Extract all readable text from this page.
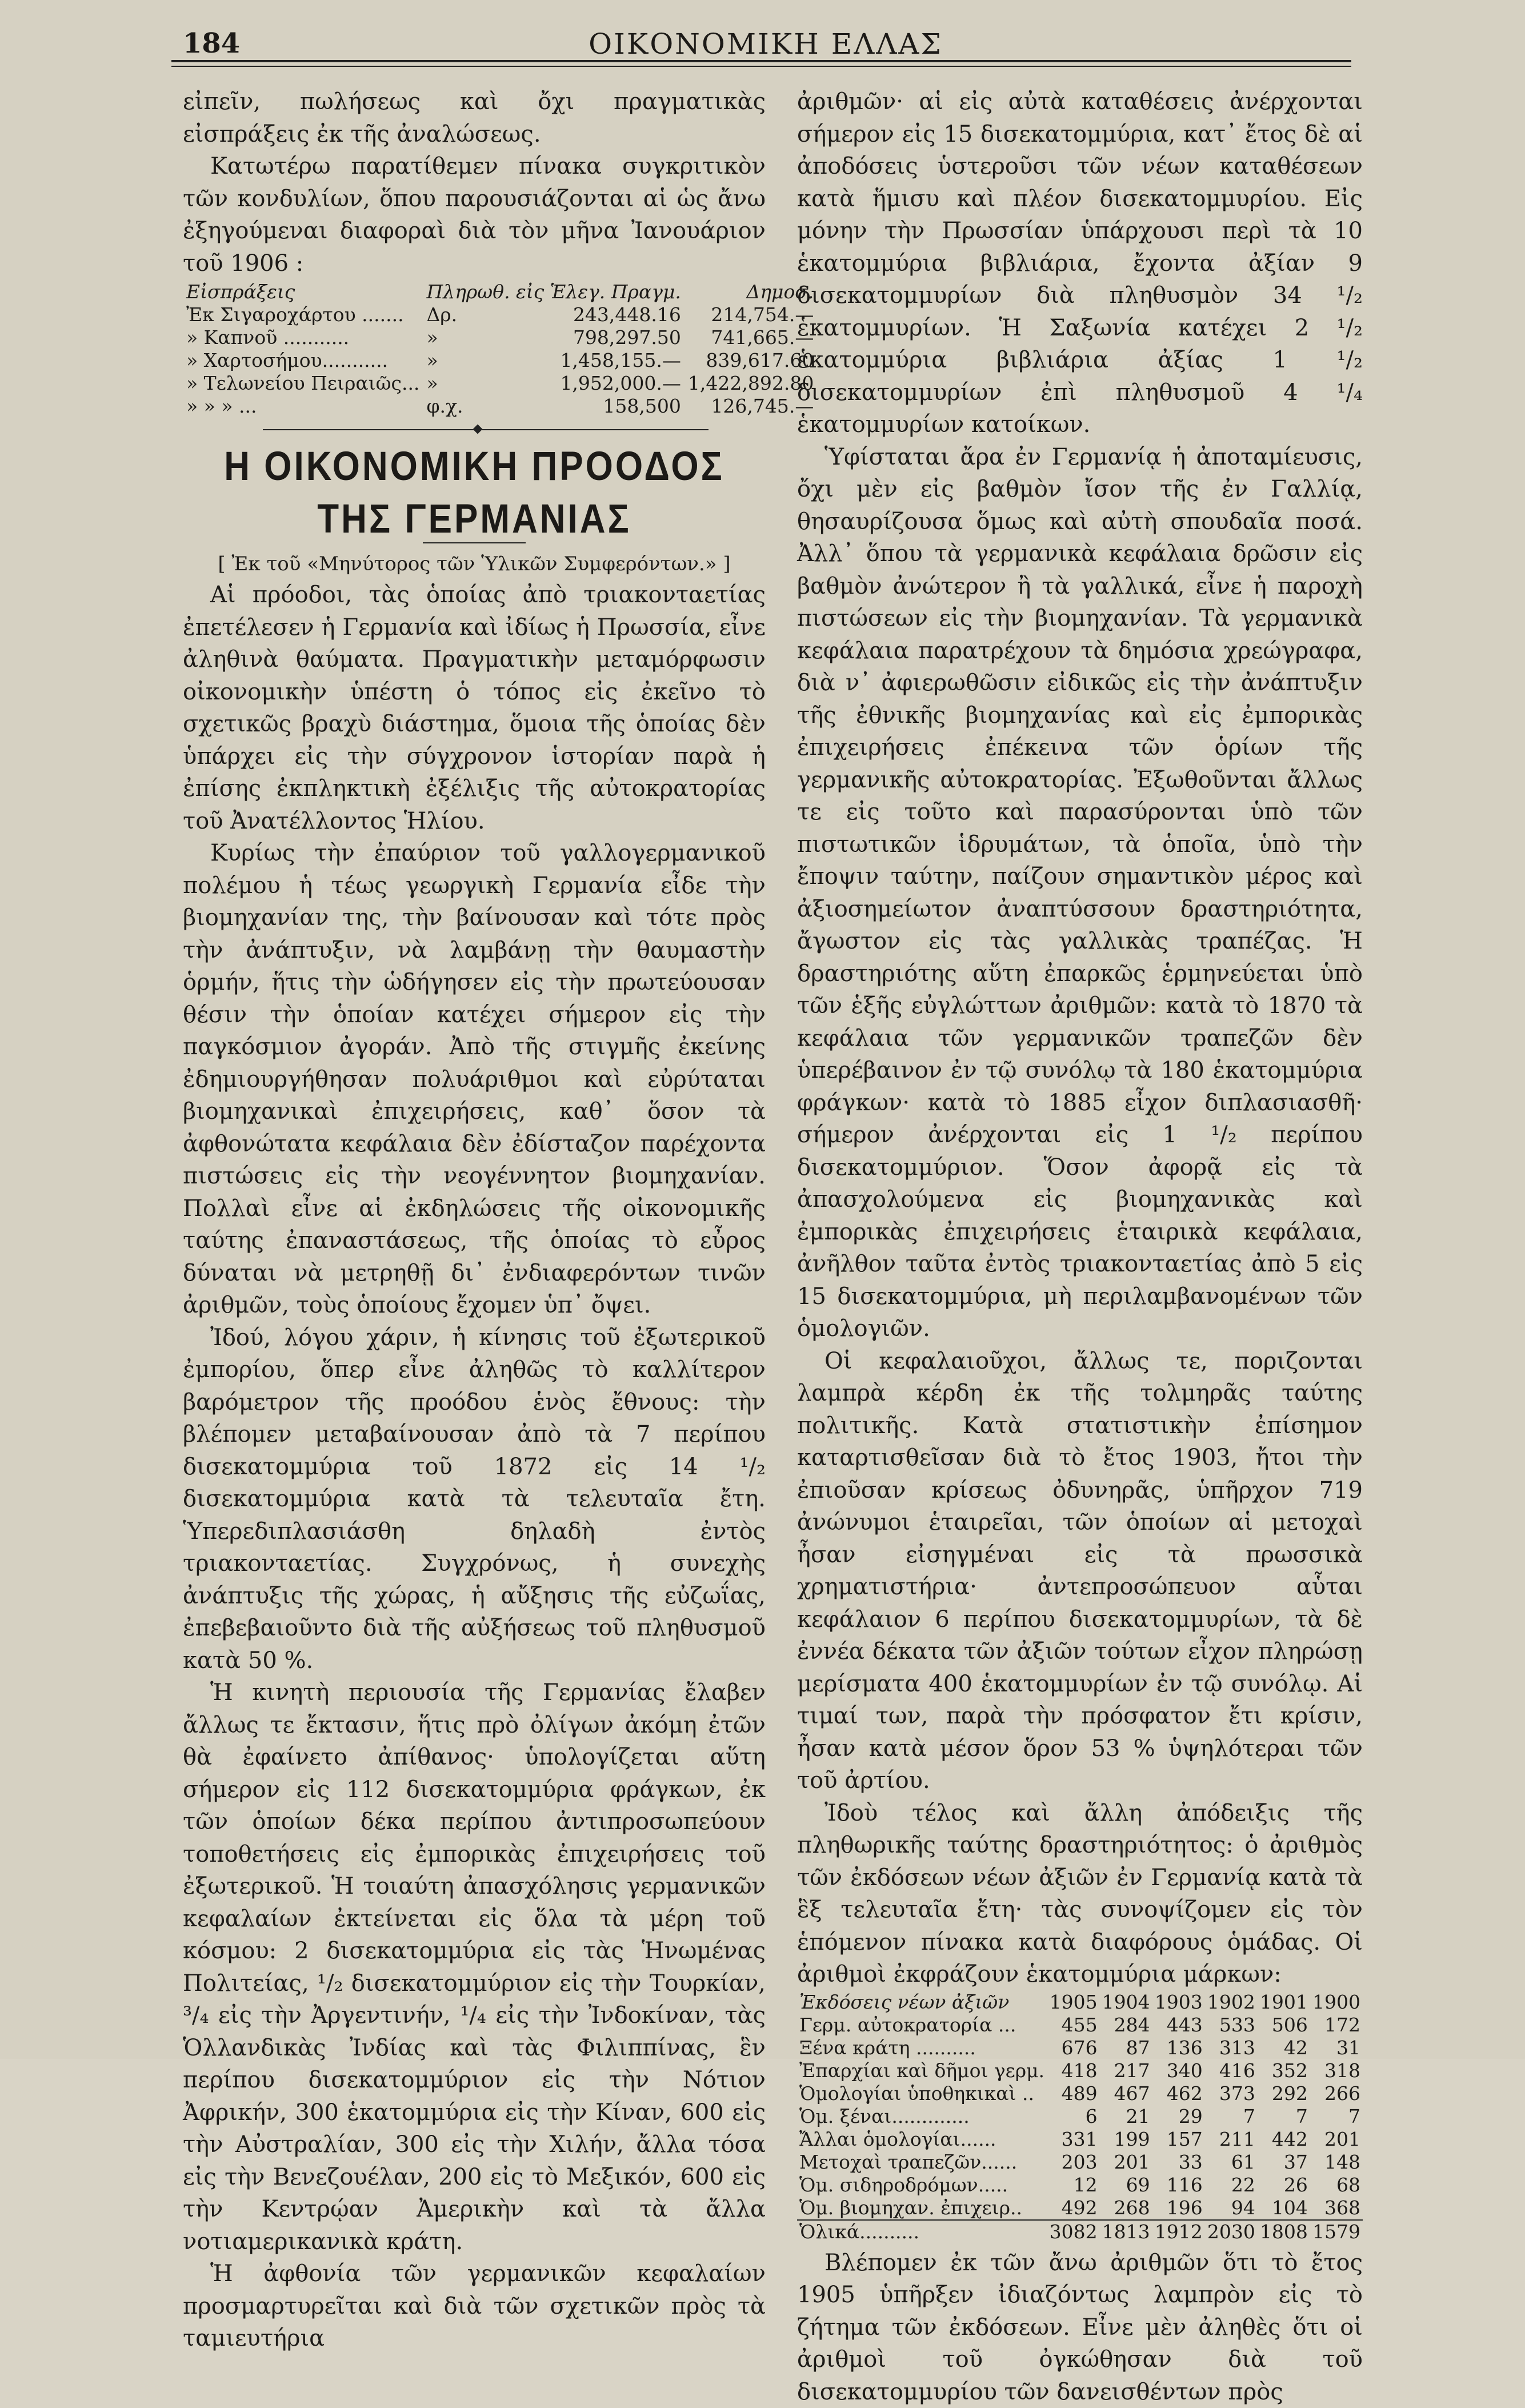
184	ΟΙΚΟΝΟΜΙΚΗ ΕΛΛΑΣ

εἰπεῖν, πωλήσεως καὶ ὄχι πραγματικὰς εἰσπράξεις ἐκ τῆς ἀναλώσεως.

Κατωτέρω παρατίθεμεν πίνακα συγκριτικὸν τῶν κονδυλίων, ὅπου παρουσιάζονται αἱ ὡς ἄνω ἐξηγούμεναι διαφοραὶ διὰ τὸν μῆνα Ἰανουάριον τοῦ 1906 :

Εἰσπράξεις	Πληρωθ. εἰς Ἑλεγ. Πραγμ.		Δημοσ.
Ἐκ Σιγαροχάρτου .......	Δρ.	243,448.16	214,754.—
» Καπνοῦ ...........	»	798,297.50	741,665.—
» Χαρτοσήμου...........	»	1,458,155.—	839,617.60
» Τελωνείου Πειραιῶς...	»	1,952,000.—	1,422,892.80
» » » ...	φ.χ.	158,500	126,745.—
Η ΟΙΚΟΝΟΜΙΚΗ ΠΡΟΟΔΟΣ ΤΗΣ ΓΕΡΜΑΝΙΑΣ
[ Ἐκ τοῦ «Μηνύτορος τῶν Ὑλικῶν Συμφερόντων.» ]

Αἱ πρόοδοι, τὰς ὁποίας ἀπὸ τριακονταετίας ἐπετέλεσεν ἡ Γερμανία καὶ ἰδίως ἡ Πρωσσία, εἶνε ἀληθινὰ θαύματα. Πραγματικὴν μεταμόρφωσιν οἰκονομικὴν ὑπέστη ὁ τόπος εἰς ἐκεῖνο τὸ σχετικῶς βραχὺ διάστημα, ὅμοια τῆς ὁποίας δὲν ὑπάρχει εἰς τὴν σύγχρονον ἱστορίαν παρὰ ἡ ἐπίσης ἐκπληκτικὴ ἐξέλιξις τῆς αὐτοκρατορίας τοῦ Ἀνατέλλοντος Ἡλίου.

Κυρίως τὴν ἐπαύριον τοῦ γαλλογερμανικοῦ πολέμου ἡ τέως γεωργικὴ Γερμανία εἶδε τὴν βιομηχανίαν της, τὴν βαίνουσαν καὶ τότε πρὸς τὴν ἀνάπτυξιν, νὰ λαμβάνῃ τὴν θαυμαστὴν ὁρμήν, ἥτις τὴν ὡδήγησεν εἰς τὴν πρωτεύουσαν θέσιν τὴν ὁποίαν κατέχει σήμερον εἰς τὴν παγκόσμιον ἀγοράν. Ἀπὸ τῆς στιγμῆς ἐκείνης ἐδημιουργήθησαν πολυάριθμοι καὶ εὐρύταται βιομηχανικαὶ ἐπιχειρήσεις, καθ᾽ ὅσον τὰ ἀφθονώτατα κεφάλαια δὲν ἐδίσταζον παρέχοντα πιστώσεις εἰς τὴν νεογέννητον βιομηχανίαν. Πολλαὶ εἶνε αἱ ἐκδηλώσεις τῆς οἰκονομικῆς ταύτης ἐπαναστάσεως, τῆς ὁποίας τὸ εὖρος δύναται νὰ μετρηθῇ δι᾽ ἐνδιαφερόντων τινῶν ἀριθμῶν, τοὺς ὁποίους ἔχομεν ὑπ᾽ ὄψει.

Ἰδού, λόγου χάριν, ἡ κίνησις τοῦ ἐξωτερικοῦ ἐμπορίου, ὅπερ εἶνε ἀληθῶς τὸ καλλίτερον βαρόμετρον τῆς προόδου ἑνὸς ἔθνους: τὴν βλέπομεν μεταβαίνουσαν ἀπὸ τὰ 7 περίπου δισεκατομμύρια τοῦ 1872 εἰς 14 ¹/₂ δισεκατομμύρια κατὰ τὰ τελευταῖα ἔτη. Ὑπερεδιπλασιάσθη δηλαδὴ ἐντὸς τριακονταετίας. Συγχρόνως, ἡ συνεχὴς ἀνάπτυξις τῆς χώρας, ἡ αὔξησις τῆς εὐζωΐας, ἐπεβεβαιοῦντο διὰ τῆς αὐξήσεως τοῦ πληθυσμοῦ κατὰ 50 %.

Ἡ κινητὴ περιουσία τῆς Γερμανίας ἔλαβεν ἄλλως τε ἔκτασιν, ἥτις πρὸ ὀλίγων ἀκόμη ἐτῶν θὰ ἐφαίνετο ἀπίθανος· ὑπολογίζεται αὕτη σήμερον εἰς 112 δισεκατομμύρια φράγκων, ἐκ τῶν ὁποίων δέκα περίπου ἀντιπροσωπεύουν τοποθετήσεις εἰς ἐμπορικὰς ἐπιχειρήσεις τοῦ ἐξωτερικοῦ. Ἡ τοιαύτη ἀπασχόλησις γερμανικῶν κεφαλαίων ἐκτείνεται εἰς ὅλα τὰ μέρη τοῦ κόσμου: 2 δισεκατομμύρια εἰς τὰς Ἡνωμένας Πολιτείας, ¹/₂ δισεκατομμύριον εἰς τὴν Τουρκίαν, ³/₄ εἰς τὴν Ἀργεντινήν, ¹/₄ εἰς τὴν Ἰνδοκίναν, τὰς Ὁλλανδικὰς Ἰνδίας καὶ τὰς Φιλιππίνας, ἓν περίπου δισεκατομμύριον εἰς τὴν Νότιον Ἀφρικήν, 300 ἑκατομμύρια εἰς τὴν Κίναν, 600 εἰς τὴν Αὐστραλίαν, 300 εἰς τὴν Χιλήν, ἄλλα τόσα εἰς τὴν Βενεζουέλαν, 200 εἰς τὸ Μεξικόν, 600 εἰς τὴν Κεντρῴαν Ἀμερικὴν καὶ τὰ ἄλλα νοτιαμερικανικὰ κράτη.

Ἡ ἀφθονία τῶν γερμανικῶν κεφαλαίων προσμαρτυρεῖται καὶ διὰ τῶν σχετικῶν πρὸς τὰ ταμιευτήρια

ἀριθμῶν· αἱ εἰς αὐτὰ καταθέσεις ἀνέρχονται σήμερον εἰς 15 δισεκατομμύρια, κατ᾽ ἔτος δὲ αἱ ἀποδόσεις ὑστεροῦσι τῶν νέων καταθέσεων κατὰ ἥμισυ καὶ πλέον δισεκατομμυρίου. Εἰς μόνην τὴν Πρωσσίαν ὑπάρχουσι περὶ τὰ 10 ἑκατομμύρια βιβλιάρια, ἔχοντα ἀξίαν 9 δισεκατομμυρίων διὰ πληθυσμὸν 34 ¹/₂ ἑκατομμυρίων. Ἡ Σαξωνία κατέχει 2 ¹/₂ ἑκατομμύρια βιβλιάρια ἀξίας 1 ¹/₂ δισεκατομμυρίων ἐπὶ πληθυσμοῦ 4 ¹/₄ ἑκατομμυρίων κατοίκων.

Ὑφίσταται ἄρα ἐν Γερμανίᾳ ἡ ἀποταμίευσις, ὄχι μὲν εἰς βαθμὸν ἴσον τῆς ἐν Γαλλίᾳ, θησαυρίζουσα ὅμως καὶ αὐτὴ σπουδαῖα ποσά. Ἀλλ᾽ ὅπου τὰ γερμανικὰ κεφάλαια δρῶσιν εἰς βαθμὸν ἀνώτερον ἢ τὰ γαλλικά, εἶνε ἡ παροχὴ πιστώσεων εἰς τὴν βιομηχανίαν. Τὰ γερμανικὰ κεφάλαια παρατρέχουν τὰ δημόσια χρεώγραφα, διὰ ν᾽ ἀφιερωθῶσιν εἰδικῶς εἰς τὴν ἀνάπτυξιν τῆς ἐθνικῆς βιομηχανίας καὶ εἰς ἐμπορικὰς ἐπιχειρήσεις ἐπέκεινα τῶν ὁρίων τῆς γερμανικῆς αὐτοκρατορίας. Ἐξωθοῦνται ἄλλως τε εἰς τοῦτο καὶ παρασύρονται ὑπὸ τῶν πιστωτικῶν ἱδρυμάτων, τὰ ὁποῖα, ὑπὸ τὴν ἔποψιν ταύτην, παίζουν σημαντικὸν μέρος καὶ ἀξιοσημείωτον ἀναπτύσσουν δραστηριότητα, ἄγωστον εἰς τὰς γαλλικὰς τραπέζας. Ἡ δραστηριότης αὕτη ἐπαρκῶς ἑρμηνεύεται ὑπὸ τῶν ἑξῆς εὐγλώττων ἀριθμῶν: κατὰ τὸ 1870 τὰ κεφάλαια τῶν γερμανικῶν τραπεζῶν δὲν ὑπερέβαινον ἐν τῷ συνόλῳ τὰ 180 ἑκατομμύρια φράγκων· κατὰ τὸ 1885 εἶχον διπλασιασθῆ· σήμερον ἀνέρχονται εἰς 1 ¹/₂ περίπου δισεκατομμύριον. Ὅσον ἀφορᾷ εἰς τὰ ἀπασχολούμενα εἰς βιομηχανικὰς καὶ ἐμπορικὰς ἐπιχειρήσεις ἑταιρικὰ κεφάλαια, ἀνῆλθον ταῦτα ἐντὸς τριακονταετίας ἀπὸ 5 εἰς 15 δισεκατομμύρια, μὴ περιλαμβανομένων τῶν ὁμολογιῶν.

Οἱ κεφαλαιοῦχοι, ἄλλως τε, ποριζονται λαμπρὰ κέρδη ἐκ τῆς τολμηρᾶς ταύτης πολιτικῆς. Κατὰ στατιστικὴν ἐπίσημον καταρτισθεῖσαν διὰ τὸ ἔτος 1903, ἤτοι τὴν ἐπιοῦσαν κρίσεως ὀδυνηρᾶς, ὑπῆρχον 719 ἀνώνυμοι ἑταιρεῖαι, τῶν ὁποίων αἱ μετοχαὶ ἦσαν εἰσηγμέναι εἰς τὰ πρωσσικὰ χρηματιστήρια· ἀντεπροσώπευον αὗται κεφάλαιον 6 περίπου δισεκατομμυρίων, τὰ δὲ ἐννέα δέκατα τῶν ἀξιῶν τούτων εἶχον πληρώσῃ μερίσματα 400 ἑκατομμυρίων ἐν τῷ συνόλῳ. Αἱ τιμαί των, παρὰ τὴν πρόσφατον ἔτι κρίσιν, ἦσαν κατὰ μέσον ὅρον 53 % ὑψηλότεραι τῶν τοῦ ἀρτίου.

Ἰδοὺ τέλος καὶ ἄλλη ἀπόδειξις τῆς πληθωρικῆς ταύτης δραστηριότητος: ὁ ἀριθμὸς τῶν ἐκδόσεων νέων ἀξιῶν ἐν Γερμανίᾳ κατὰ τὰ ἓξ τελευταῖα ἔτη· τὰς συνοψίζομεν εἰς τὸν ἑπόμενον πίνακα κατὰ διαφόρους ὁμάδας. Οἱ ἀριθμοὶ ἐκφράζουν ἑκατομμύρια μάρκων:

Ἐκδόσεις νέων ἀξιῶν	1905	1904	1903	1902	1901	1900
Γερμ. αὐτοκρατορία ...	455	284	443	533	506	172
Ξένα κράτη ..........	676	87	136	313	42	31
Ἐπαρχίαι καὶ δῆμοι γερμ.	418	217	340	416	352	318
Ὁμολογίαι ὑποθηκικαὶ ..	489	467	462	373	292	266
Ὁμ. ξέναι.............	6	21	29	7	7	7
Ἄλλαι ὁμολογίαι......	331	199	157	211	442	201
Μετοχαὶ τραπεζῶν......	203	201	33	61	37	148
Ὁμ. σιδηροδρόμων.....	12	69	116	22	26	68
Ὁμ. βιομηχαν. ἐπιχειρ..	492	268	196	94	104	368
Ὁλικά..........	3082	1813	1912	2030	1808	1579

Βλέπομεν ἐκ τῶν ἄνω ἀριθμῶν ὅτι τὸ ἔτος 1905 ὑπῆρξεν ἰδιαζόντως λαμπρὸν εἰς τὸ ζήτημα τῶν ἐκδόσεων. Εἶνε μὲν ἀληθὲς ὅτι οἱ ἀριθμοὶ τοῦ ὀγκώθησαν διὰ τοῦ δισεκατομμυρίου τῶν δανεισθέντων πρὸς
